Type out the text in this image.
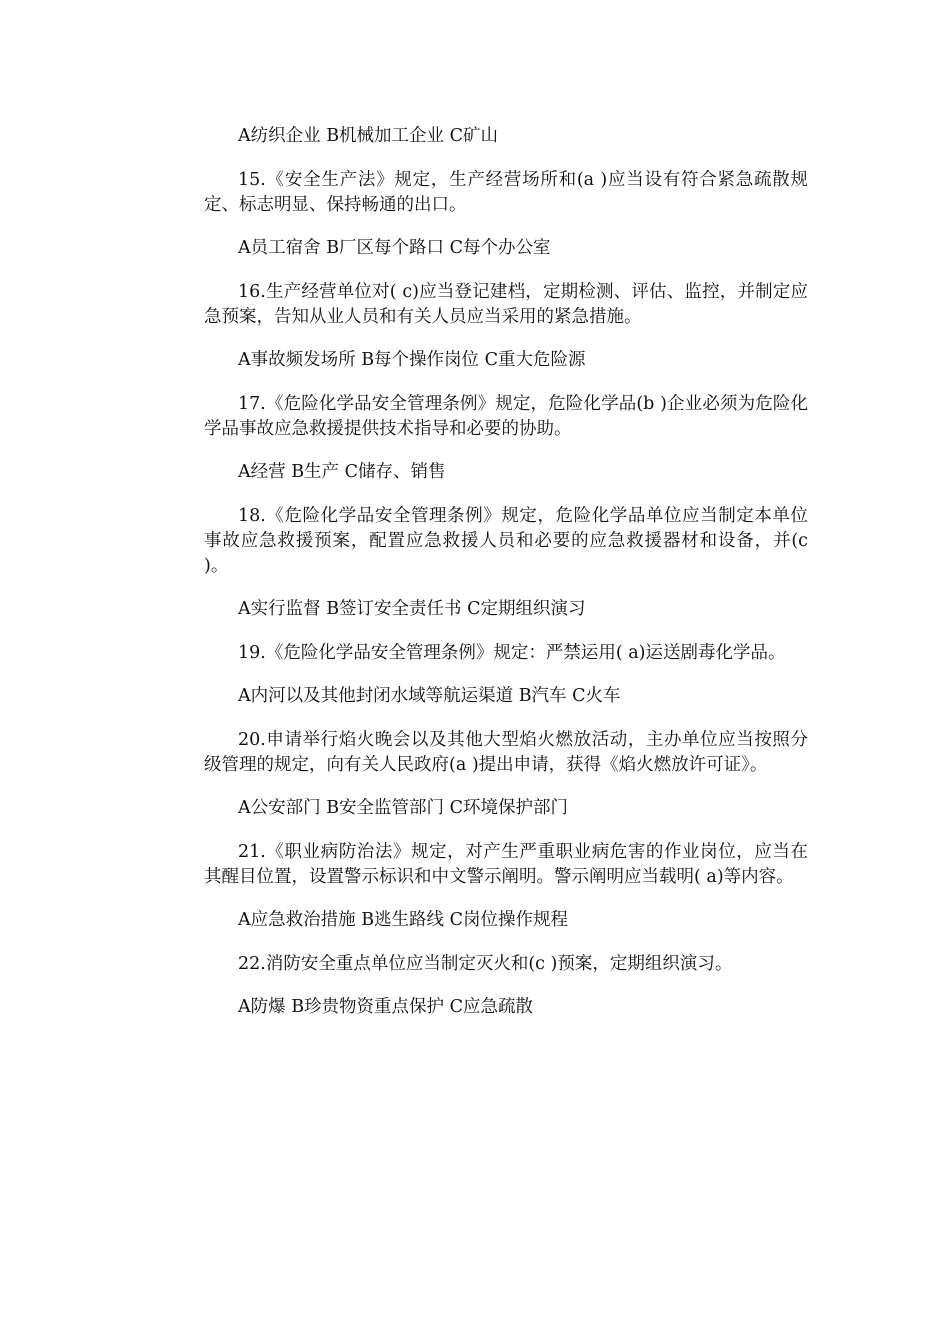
A纺织企业 B机械加工企业 C矿山

15.《安全生产法》规定，生产经营场所和(a )应当设有符合紧急疏散规定、标志明显、保持畅通的出口。

A员工宿舍 B厂区每个路口 C每个办公室

16.生产经营单位对( c)应当登记建档，定期检测、评估、监控，并制定应急预案，告知从业人员和有关人员应当采用的紧急措施。

A事故频发场所 B每个操作岗位 C重大危险源

17.《危险化学品安全管理条例》规定，危险化学品(b )企业必须为危险化学品事故应急救援提供技术指导和必要的协助。

A经营 B生产 C储存、销售

18.《危险化学品安全管理条例》规定，危险化学品单位应当制定本单位事故应急救援预案，配置应急救援人员和必要的应急救援器材和设备，并(c )。

A实行监督 B签订安全责任书 C定期组织演习

19.《危险化学品安全管理条例》规定：严禁运用( a)运送剧毒化学品。

A内河以及其他封闭水域等航运渠道 B汽车 C火车

20.申请举行焰火晚会以及其他大型焰火燃放活动，主办单位应当按照分级管理的规定，向有关人民政府(a )提出申请，获得《焰火燃放许可证》。

A公安部门 B安全监管部门 C环境保护部门

21.《职业病防治法》规定，对产生严重职业病危害的作业岗位，应当在其醒目位置，设置警示标识和中文警示阐明。警示阐明应当载明( a)等内容。

A应急救治措施 B逃生路线 C岗位操作规程

22.消防安全重点单位应当制定灭火和(c )预案，定期组织演习。

A防爆 B珍贵物资重点保护 C应急疏散
